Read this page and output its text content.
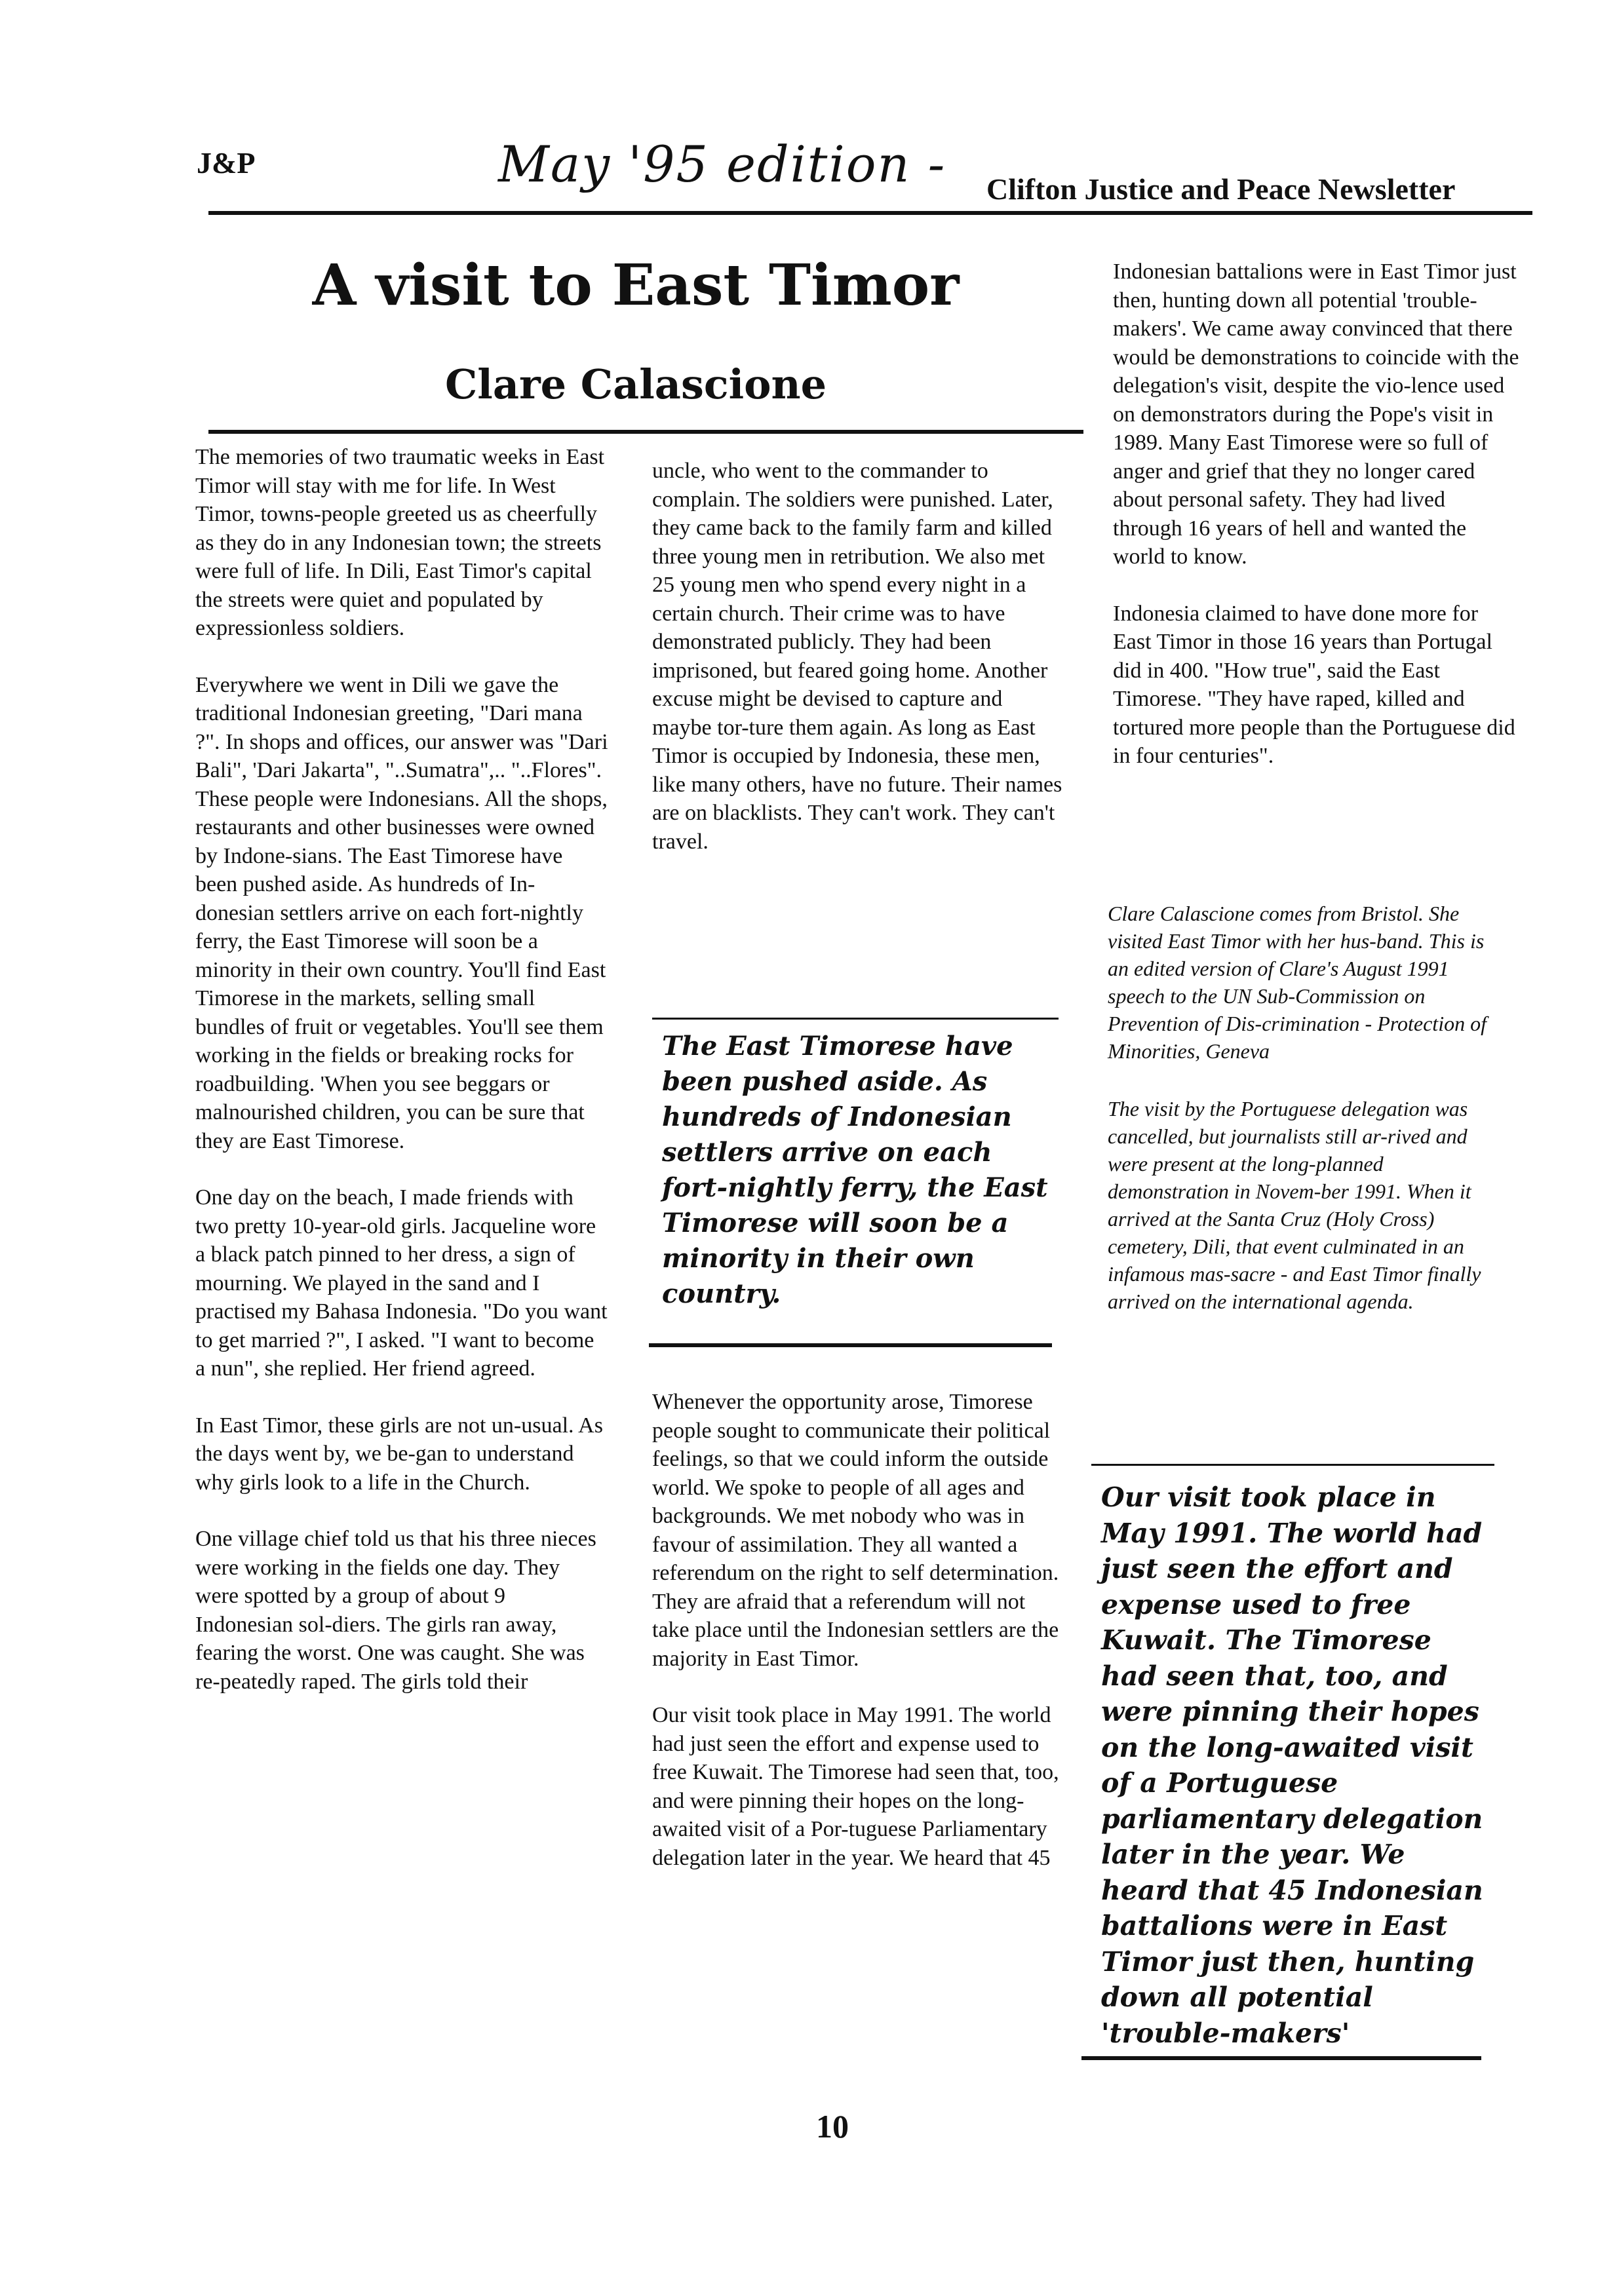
J&P	May '95 edition - Clifton Justice and Peace Newsletter
A visit to East Timor
Clare Calascione

The memories of two traumatic weeks in East Timor will stay with me for life. In West Timor, towns-people greeted us as cheerfully as they do in any Indonesian town; the streets were full of life. In Dili, East Timor's capital the streets were quiet and populated by expressionless soldiers.

Everywhere we went in Dili we gave the traditional Indonesian greeting, "Dari mana ?". In shops and offices, our answer was "Dari Bali", 'Dari Jakarta", "..Sumatra",.. "..Flores". These people were Indonesians. All the shops, restaurants and other businesses were owned by Indone-sians. The East Timorese have been pushed aside. As hundreds of In-donesian settlers arrive on each fort-nightly ferry, the East Timorese will soon be a minority in their own country. You'll find East Timorese in the markets, selling small bundles of fruit or vegetables. You'll see them working in the fields or breaking rocks for roadbuilding. 'When you see beggars or malnourished children, you can be sure that they are East Timorese.

One day on the beach, I made friends with two pretty 10-year-old girls. Jacqueline wore a black patch pinned to her dress, a sign of mourning. We played in the sand and I practised my Bahasa Indonesia. "Do you want to get married ?", I asked. "I want to become a nun", she replied. Her friend agreed.

In East Timor, these girls are not un-usual. As the days went by, we be-gan to understand why girls look to a life in the Church.

One village chief told us that his three nieces were working in the fields one day. They were spotted by a group of about 9 Indonesian sol-diers. The girls ran away, fearing the worst. One was caught. She was re-peatedly raped. The girls told their

uncle, who went to the commander to complain. The soldiers were punished. Later, they came back to the family farm and killed three young men in retribution. We also met 25 young men who spend every night in a certain church. Their crime was to have demonstrated publicly. They had been imprisoned, but feared going home. Another excuse might be devised to capture and maybe tor-ture them again. As long as East Timor is occupied by Indonesia, these men, like many others, have no future. Their names are on blacklists. They can't work. They can't travel.

The East Timorese have been pushed aside. As hundreds of Indonesian settlers arrive on each fort-nightly ferry, the East Timorese will soon be a minority in their own country.

Whenever the opportunity arose, Timorese people sought to communicate their political feelings, so that we could inform the outside world. We spoke to people of all ages and backgrounds. We met nobody who was in favour of assimilation. They all wanted a referendum on the right to self determination. They are afraid that a referendum will not take place until the Indonesian settlers are the majority in East Timor.

Our visit took place in May 1991. The world had just seen the effort and expense used to free Kuwait. The Timorese had seen that, too, and were pinning their hopes on the long-awaited visit of a Por-tuguese Parliamentary delegation later in the year. We heard that 45

Indonesian battalions were in East Timor just then, hunting down all potential 'trouble-makers'. We came away convinced that there would be demonstrations to coincide with the delegation's visit, despite the vio-lence used on demonstrators during the Pope's visit in 1989. Many East Timorese were so full of anger and grief that they no longer cared about personal safety. They had lived through 16 years of hell and wanted the world to know.

Indonesia claimed to have done more for East Timor in those 16 years than Portugal did in 400. "How true", said the East Timorese. "They have raped, killed and tortured more people than the Portuguese did in four centuries".

Clare Calascione comes from Bristol. She visited East Timor with her hus-band. This is an edited version of Clare's August 1991 speech to the UN Sub-Commission on Prevention of Dis-crimination - Protection of Minorities, Geneva

The visit by the Portuguese delegation was cancelled, but journalists still ar-rived and were present at the long-planned demonstration in Novem-ber 1991. When it arrived at the Santa Cruz (Holy Cross) cemetery, Dili, that event culminated in an infamous mas-sacre - and East Timor finally arrived on the international agenda.

Our visit took place in May 1991. The world had just seen the effort and expense used to free Kuwait. The Timorese had seen that, too, and were pinning their hopes on the long-awaited visit of a Portuguese parliamentary delegation later in the year. We heard that 45 Indonesian battalions were in East Timor just then, hunting down all potential 'trouble-makers'
10
